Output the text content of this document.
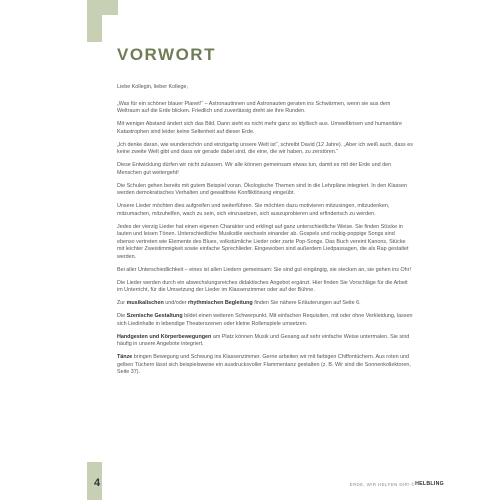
VORWORT

Liebe Kollegin, lieber Kollege,

„Was für ein schöner blauer Planet!“ – Astronautinnen und Astronauten geraten ins Schwärmen, wenn sie aus dem Weltraum auf die Erde blicken. Friedlich und zuverlässig dreht sie ihre Runden.

Mit weniger Abstand ändert sich das Bild. Dann sieht es nicht mehr ganz so idyllisch aus. Umweltkrisen und humanitäre Katastrophen sind leider keine Seltenheit auf dieser Erde.

„Ich denke daran, wie wunderschön und einzigartig unsere Welt ist“, schreibt David (12 Jahre). „Aber ich weiß auch, dass es keine zweite Welt gibt und dass wir gerade dabei sind, die eine, die wir haben, zu zerstören.“

Diese Entwicklung dürfen wir nicht zulassen. Wir alle können gemeinsam etwas tun, damit es mit der Erde und den Menschen gut weitergeht!

Die Schulen gehen bereits mit gutem Beispiel voran. Ökologische Themen sind in die Lehrpläne integriert. In den Klassen werden demokratisches Verhalten und gewaltfreie Konfliktlösung eingeübt.

Unsere Lieder möchten dies aufgreifen und weiterführen. Sie möchten dazu motivieren mitzusingen, mitzudenken, mitzumachen, mitzuhelfen, wach zu sein, sich einzusetzen, sich auszuprobieren und erfinderisch zu werden.

Jedes der vierzig Lieder hat einen eigenen Charakter und erklingt auf ganz unterschiedliche Weise. Sie finden Stücke in lauten und leisen Tönen. Unterschiedliche Musikstile wechseln einander ab. Gospels und rockig-poppige Songs sind ebenso vertreten wie Elemente des Blues, volkstümliche Lieder oder zarte Pop-Songs. Das Buch vereint Kanons, Stücke mit leichter Zweistimmigkeit sowie einfache Sprechlieder. Eingewoben sind außerdem Liedpassagen, die als Rap gestaltet werden.

Bei aller Unterschiedlichkeit – eines ist allen Liedern gemeinsam: Sie sind gut eingängig, sie stecken an, sie gehen ins Ohr!

Die Lieder werden durch ein abwechslungsreiches didaktisches Angebot ergänzt. Hier finden Sie Vorschläge für die Arbeit im Unterricht, für die Umsetzung der Lieder im Klassenzimmer oder auf der Bühne.

Zur musikalischen und/oder rhythmischen Begleitung finden Sie nähere Erläuterungen auf Seite 6.

Die Szenische Gestaltung bildet einen weiteren Schwerpunkt. Mit einfachen Requisiten, mit oder ohne Verkleidung, lassen sich Liedinhalte in lebendige Theaterszenen oder kleine Rollenspiele umsetzen.

Handgesten und Körperbewegungen am Platz können Musik und Gesang auf sehr einfache Weise untermalen. Sie sind häufig in unsere Angebote integriert.

Tänze bringen Bewegung und Schwung ins Klassenzimmer. Gerne arbeiten wir mit farbigen Chiffontüchern. Aus roten und gelben Tüchern lässt sich beispielsweise ein ausdrucksvoller Flammentanz gestalten (z. B. Wir sind die Sonnenkollektoren, Seite 37).

4	ERDE, WIR HELFEN DIR! © HELBLING
